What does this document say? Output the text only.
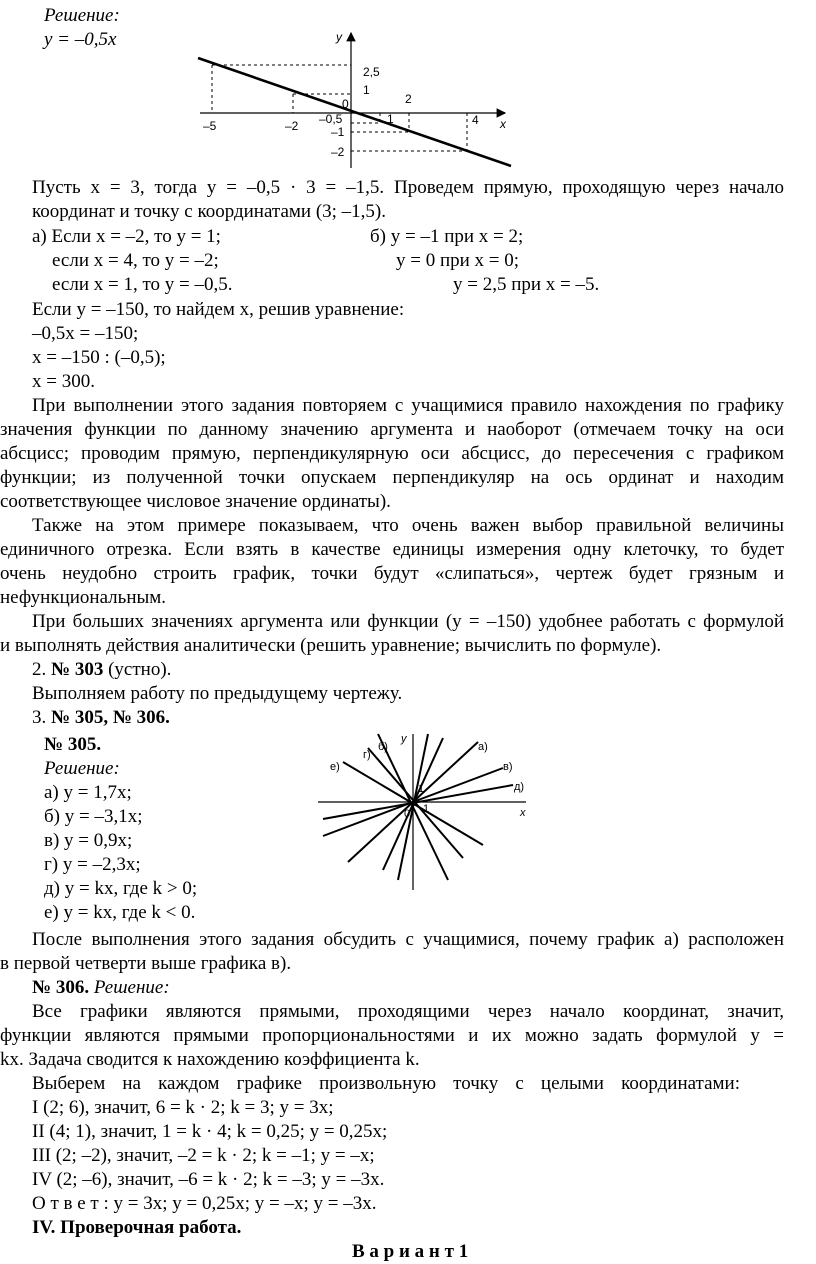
Решение:
y = –0,5x	y
x
0
2,5
1
2
–5	–2 –0,5	1	4
–1
–2
Пусть x = 3, тогда y = –0,5 · 3 = –1,5. Проведем прямую, проходящую через начало
координат и точку с координатами (3; –1,5).
а) Если x = –2, то y = 1;
если x = 4, то y = –2;
если x = 1, то y = –0,5.
б) y = –1 при x = 2;
y = 0 при x = 0;
y = 2,5 при x = –5.
Если y = –150, то найдем x, решив уравнение:
–0,5x = –150;
x = –150 : (–0,5);
x = 300.
При выполнении этого задания повторяем с учащимися правило нахождения по графику
значения функции по данному значению аргумента и наоборот (отмечаем точку на оси
абсцисс; проводим прямую, перпендикулярную оси абсцисс, до пересечения с графиком
функции; из полученной точки опускаем перпендикуляр на ось ординат и находим
соответствующее числовое значение ординаты).
Также на этом примере показываем, что очень важен выбор правильной величины
единичного отрезка. Если взять в качестве единицы измерения одну клеточку, то будет
очень неудобно строить график, точки будут «слипаться», чертеж будет грязным и
нефункциональным.
При больших значениях аргумента или функции (y = –150) удобнее работать с формулой
и выполнять действия аналитически (решить уравнение; вычислить по формуле).
2. № 303 (устно).
Выполняем работу по предыдущему чертежу.
3. № 305, № 306.
№ 305.
Решение:
а) y = 1,7x;
б) y = –3,1x;
в) y = 0,9x;
г) y = –2,3x;
д) y = kx, где k > 0;
е) y = kx, где k < 0.
y
x
1
1
0
а)
б)
в)
г)
д)
е)
После выполнения этого задания обсудить с учащимися, почему график а) расположен
в первой четверти выше графика в).
№ 306. Решение:
Все графики являются прямыми, проходящими через начало координат, значит,
функции являются прямыми пропорциональностями и их можно задать формулой y =
kx. Задача сводится к нахождению коэффициента k.
Выберем на каждом графике произвольную точку с целыми координатами:
I (2; 6), значит, 6 = k · 2; k = 3; y = 3x;
II (4; 1), значит, 1 = k · 4; k = 0,25; y = 0,25x;
III (2; –2), значит, –2 = k · 2; k = –1; y = –x;
IV (2; –6), значит, –6 = k · 2; k = –3; y = –3x.
О т в е т : y = 3x; y = 0,25x; y = –x; y = –3x.
IV. Проверочная работа.
В а р и а н т 1
